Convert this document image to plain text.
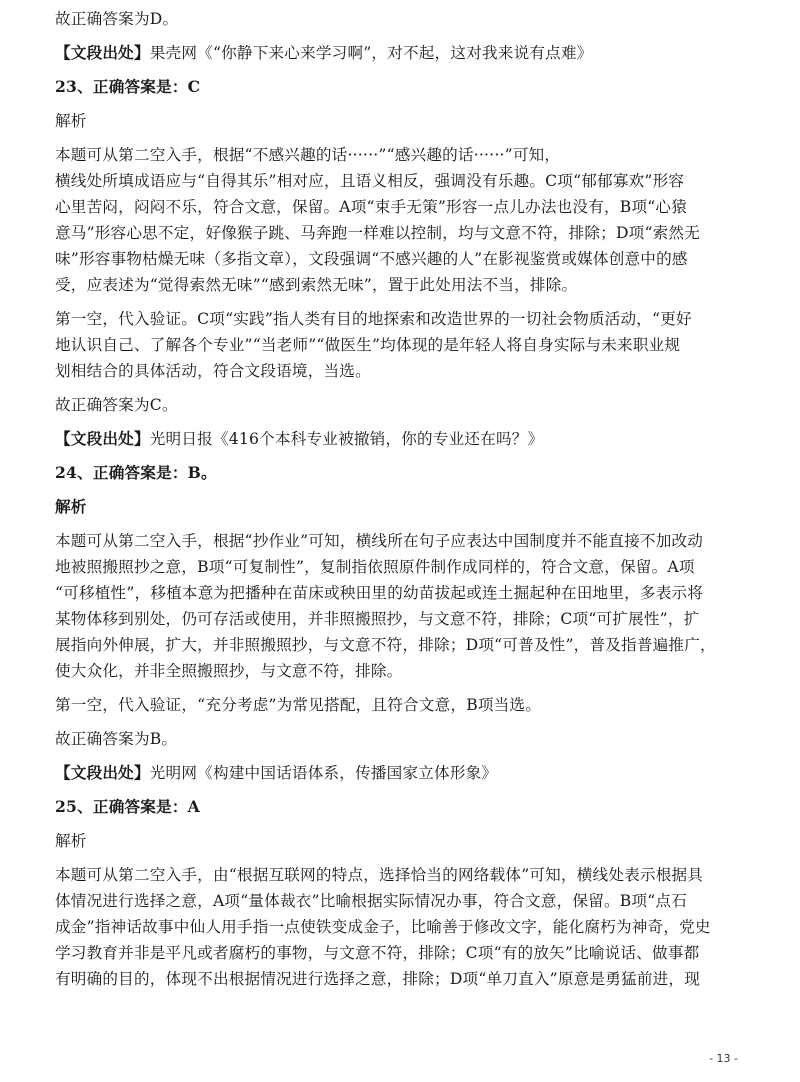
故正确答案为D。
【文段出处】果壳网《“你静下来心来学习啊”，对不起，这对我来说有点难》
23、正确答案是：C
解析
本题可从第二空入手，根据“不感兴趣的话······”“感兴趣的话······”可知，
横线处所填成语应与“自得其乐”相对应，且语义相反，强调没有乐趣。C项“郁郁寡欢”形容
心里苦闷，闷闷不乐，符合文意，保留。A项“束手无策”形容一点儿办法也没有，B项“心猿
意马”形容心思不定，好像猴子跳、马奔跑一样难以控制，均与文意不符，排除；D项“索然无
味”形容事物枯燥无味（多指文章），文段强调“不感兴趣的人”在影视鉴赏或媒体创意中的感
受，应表述为“觉得索然无味”“感到索然无味”，置于此处用法不当，排除。
第一空，代入验证。C项“实践”指人类有目的地探索和改造世界的一切社会物质活动，“更好
地认识自己、了解各个专业”“当老师”“做医生”均体现的是年轻人将自身实际与未来职业规
划相结合的具体活动，符合文段语境，当选。
故正确答案为C。
【文段出处】光明日报《416个本科专业被撤销，你的专业还在吗？》
24、正确答案是：B。
解析
本题可从第二空入手，根据“抄作业”可知，横线所在句子应表达中国制度并不能直接不加改动
地被照搬照抄之意，B项“可复制性”，复制指依照原件制作成同样的，符合文意，保留。A项
“可移植性”，移植本意为把播种在苗床或秧田里的幼苗拔起或连土掘起种在田地里，多表示将
某物体移到别处，仍可存活或使用，并非照搬照抄，与文意不符，排除；C项“可扩展性”，扩
展指向外伸展，扩大，并非照搬照抄，与文意不符，排除；D项“可普及性”，普及指普遍推广，
使大众化，并非全照搬照抄，与文意不符，排除。
第一空，代入验证，“充分考虑”为常见搭配，且符合文意，B项当选。
故正确答案为B。
【文段出处】光明网《构建中国话语体系，传播国家立体形象》
25、正确答案是：A
解析
本题可从第二空入手，由“根据互联网的特点，选择恰当的网络载体”可知，横线处表示根据具
体情况进行选择之意，A项“量体裁衣”比喻根据实际情况办事，符合文意，保留。B项“点石
成金”指神话故事中仙人用手指一点使铁变成金子，比喻善于修改文字，能化腐朽为神奇，党史
学习教育并非是平凡或者腐朽的事物，与文意不符，排除；C项“有的放矢”比喻说话、做事都
有明确的目的，体现不出根据情况进行选择之意，排除；D项“单刀直入”原意是勇猛前进，现
- 13 -
